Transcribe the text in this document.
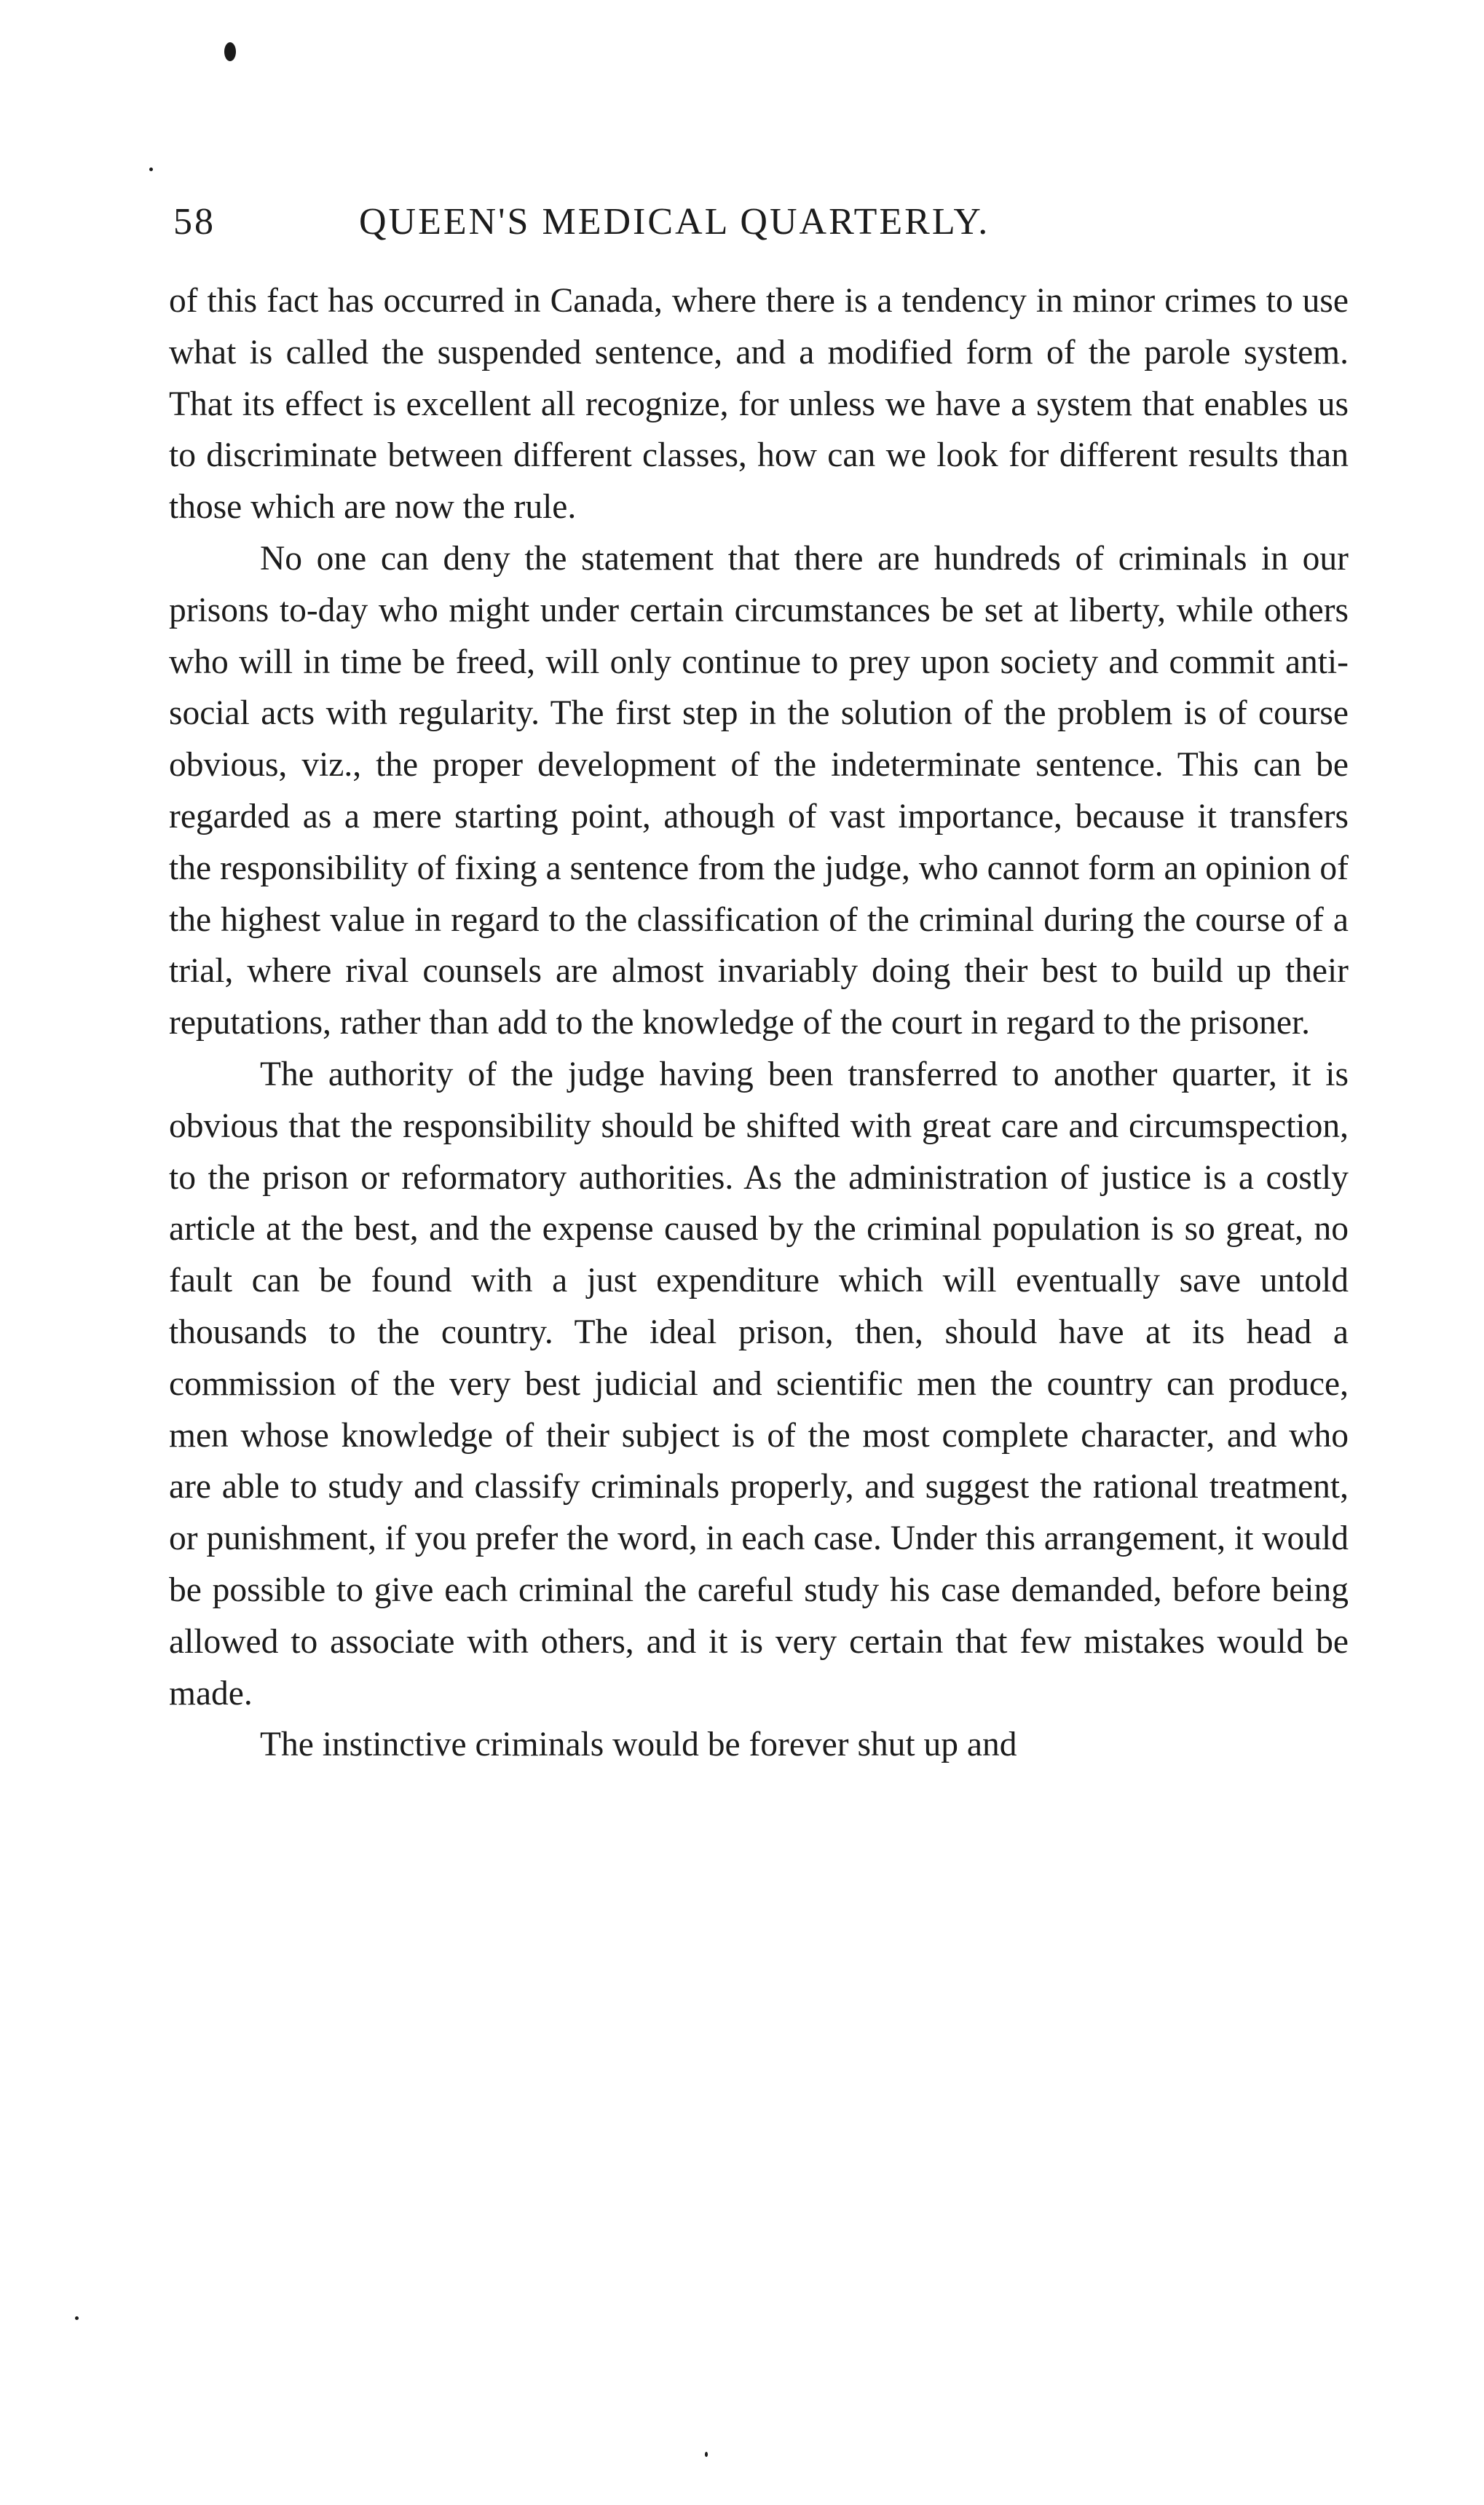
58	QUEEN'S MEDICAL QUARTERLY.

of this fact has occurred in Canada, where there is a tendency in minor crimes to use what is called the suspended sentence, and a modified form of the parole system. That its effect is excellent all recognize, for unless we have a system that enables us to discriminate between different classes, how can we look for different results than those which are now the rule.

No one can deny the statement that there are hundreds of criminals in our prisons to-day who might under certain circumstances be set at liberty, while others who will in time be freed, will only continue to prey upon society and commit anti-social acts with regularity. The first step in the solution of the problem is of course obvious, viz., the proper development of the indeterminate sentence. This can be regarded as a mere starting point, athough of vast importance, because it transfers the responsibility of fixing a sentence from the judge, who cannot form an opinion of the highest value in regard to the classification of the criminal during the course of a trial, where rival counsels are almost invariably doing their best to build up their reputations, rather than add to the knowledge of the court in regard to the prisoner.

The authority of the judge having been transferred to another quarter, it is obvious that the responsibility should be shifted with great care and circumspection, to the prison or reformatory authorities. As the administration of justice is a costly article at the best, and the expense caused by the criminal population is so great, no fault can be found with a just expenditure which will eventually save untold thousands to the country. The ideal prison, then, should have at its head a commission of the very best judicial and scientific men the country can produce, men whose knowledge of their subject is of the most complete character, and who are able to study and classify criminals properly, and suggest the rational treatment, or punishment, if you prefer the word, in each case. Under this arrangement, it would be possible to give each criminal the careful study his case demanded, before being allowed to associate with others, and it is very certain that few mistakes would be made.

The instinctive criminals would be forever shut up and
